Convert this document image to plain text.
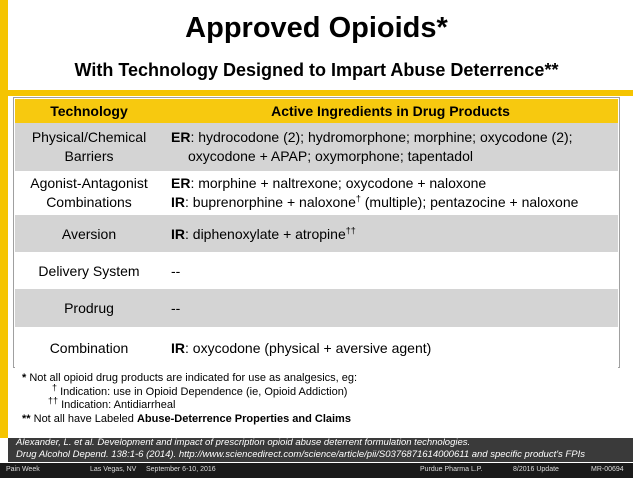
Approved Opioids*
With Technology Designed to Impart Abuse Deterrence**
Technology	Active Ingredients in Drug Products
Physical/Chemical Barriers	ER: hydrocodone (2); hydromorphone; morphine; oxycodone (2); oxycodone + APAP; oxymorphone; tapentadol

Agonist-Antagonist Combinations	ER: morphine + naltrexone; oxycodone + naloxone
IR: buprenorphine + naloxone† (multiple); pentazocine + naloxone

Aversion	IR: diphenoxylate + atropine††
Delivery System	--
Prodrug	--
Combination	IR: oxycodone (physical + aversive agent)
* Not all opioid drug products are indicated for use as analgesics, eg:
† Indication: use in Opioid Dependence (ie, Opioid Addiction)
†† Indication: Antidiarrheal
** Not all have Labeled Abuse-Deterrence Properties and Claims
Alexander, L. et al. Development and impact of prescription opioid abuse deterrent formulation technologies.
Drug Alcohol Depend. 138:1-6 (2014). http://www.sciencedirect.com/science/article/pii/S0376871614000611 and specific product's FPIs
Pain Week	Las Vegas, NV September 6-10, 2016	Purdue Pharma L.P.	8/2016 Update	MR-00694
